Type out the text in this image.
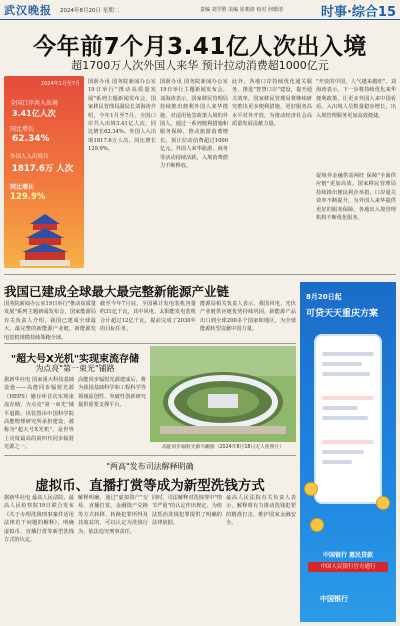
武汉晚报 2024年8月20日 星期二	责编 刘学胜 美编 崔朝清 校对 何德清	时事·综合15
今年前7个月3.41亿人次出入境
超1700万人次外国人来华 预计拉动消费超1000亿元
2024年1月至7月
全国口岸共入出境
3.41亿人次
同比增长
62.34%
外国人入出境共
1817.6万 人次
同比增长
129.9%
国新办讯 国务院新闻办公室19日举行"推动高质量发展"系列主题新闻发布会，国家移民管理局副局长刘海涛介绍，今年1月至7月，全国口岸共入出境3.41亿人次，同比增长62.34%。外国人入出境1817.6万人次，同比增长129.9%。
国新办讯 国务院新闻办公室19日举行主题新闻发布会。刘海涛表示，国家移民管理局持续推出便利外国人来华措施，对适用免签政策入境的外国人，通过一系列便利措施和服务保障，推动旅游消费增长。预计拉动消费超过1000亿元。外国人来华旅游、商务等活动持续活跃，入境消费潜力不断释放。
此外，各地口岸持续优化通关服务，推进"智慧口岸"建设，提升通关效率。国家移民管理局将继续研究推出更多便利措施，更好服务高水平对外开放，为推动经济社会高质量发展贡献力量。
"开放的中国，人气越来越旺"。刘海涛表示，下一步将持续优化来华便利政策，让更多外国人来中国看看。入出境人员数量稳步增长，出入境管理服务更加高效便捷。
促境外金融供需两旺 保障"全面供应链"更加高效。国家移民管理局持续推出便民利企举措，口岸通关效率不断提升，为外国人来华提供更好的服务保障，各地出入境管理机构不断优化服务。
我国已建成全球最大最完整新能源产业链
国务院新闻办公室19日举行"推动高质量发展"系列主题新闻发布会，国家能源局有关负责人介绍，我国已建成全球最大、最完整的新能源产业链，新能源发电装机规模持续领跑全球。
截至今年7月底，全国累计发电装机容量约31亿千瓦，其中风电、太阳能发电装机合计超过12亿千瓦，提前完成了2030年的目标任务。
能源局相关负责人表示，我国风电、光伏产业链供应链优势持续巩固，新能源产品出口到全球200多个国家和地区，为全球能源转型贡献中国力量。
"超大号X光机"实现束流存储
为点亮"第一束光"铺路
据新华社电 国家重大科技基础设施——高能同步辐射光源（HEPS）储存环首次实现束流存储，为点亮"第一束光"铺平道路。该装置由中国科学院高能物理研究所承担建设，被称为"超大号X光机"，是世界上亮度最高的第四代同步辐射光源之一。
高能同步辐射光源建成后，将为我国基础科学和工程科学等领域原创性、突破性创新研究提供重要支撑平台。
高能同步辐射光源鸟瞰图（2024年8月18日无人机照片）
"两高"发布司法解释明确
虚拟币、直播打赏等成为新型洗钱方式
据新华社电 最高人民法院、最高人民检察院19日联合发布《关于办理洗钱刑事案件适用法律若干问题的解释》，明确虚拟币、直播打赏等新型洗钱方式的认定。
解释明确，通过"虚拟资产"交易、直播打赏、金融资产兑换等方式转移、转换犯罪所得及其收益的，可以认定为洗钱行为，依法追究刑事责任。
同时，司法解释对洗钱罪中"情节严重"的认定作出规定，为依法惩治洗钱犯罪提供了明确的法律依据。
最高人民法院有关负责人表示，解释将有力推动洗钱犯罪的精准打击，维护国家金融安全。
8月20日起
可贷天天重庆方案
中国银行 惠民贷款
中国人民银行官方通行
中国银行
